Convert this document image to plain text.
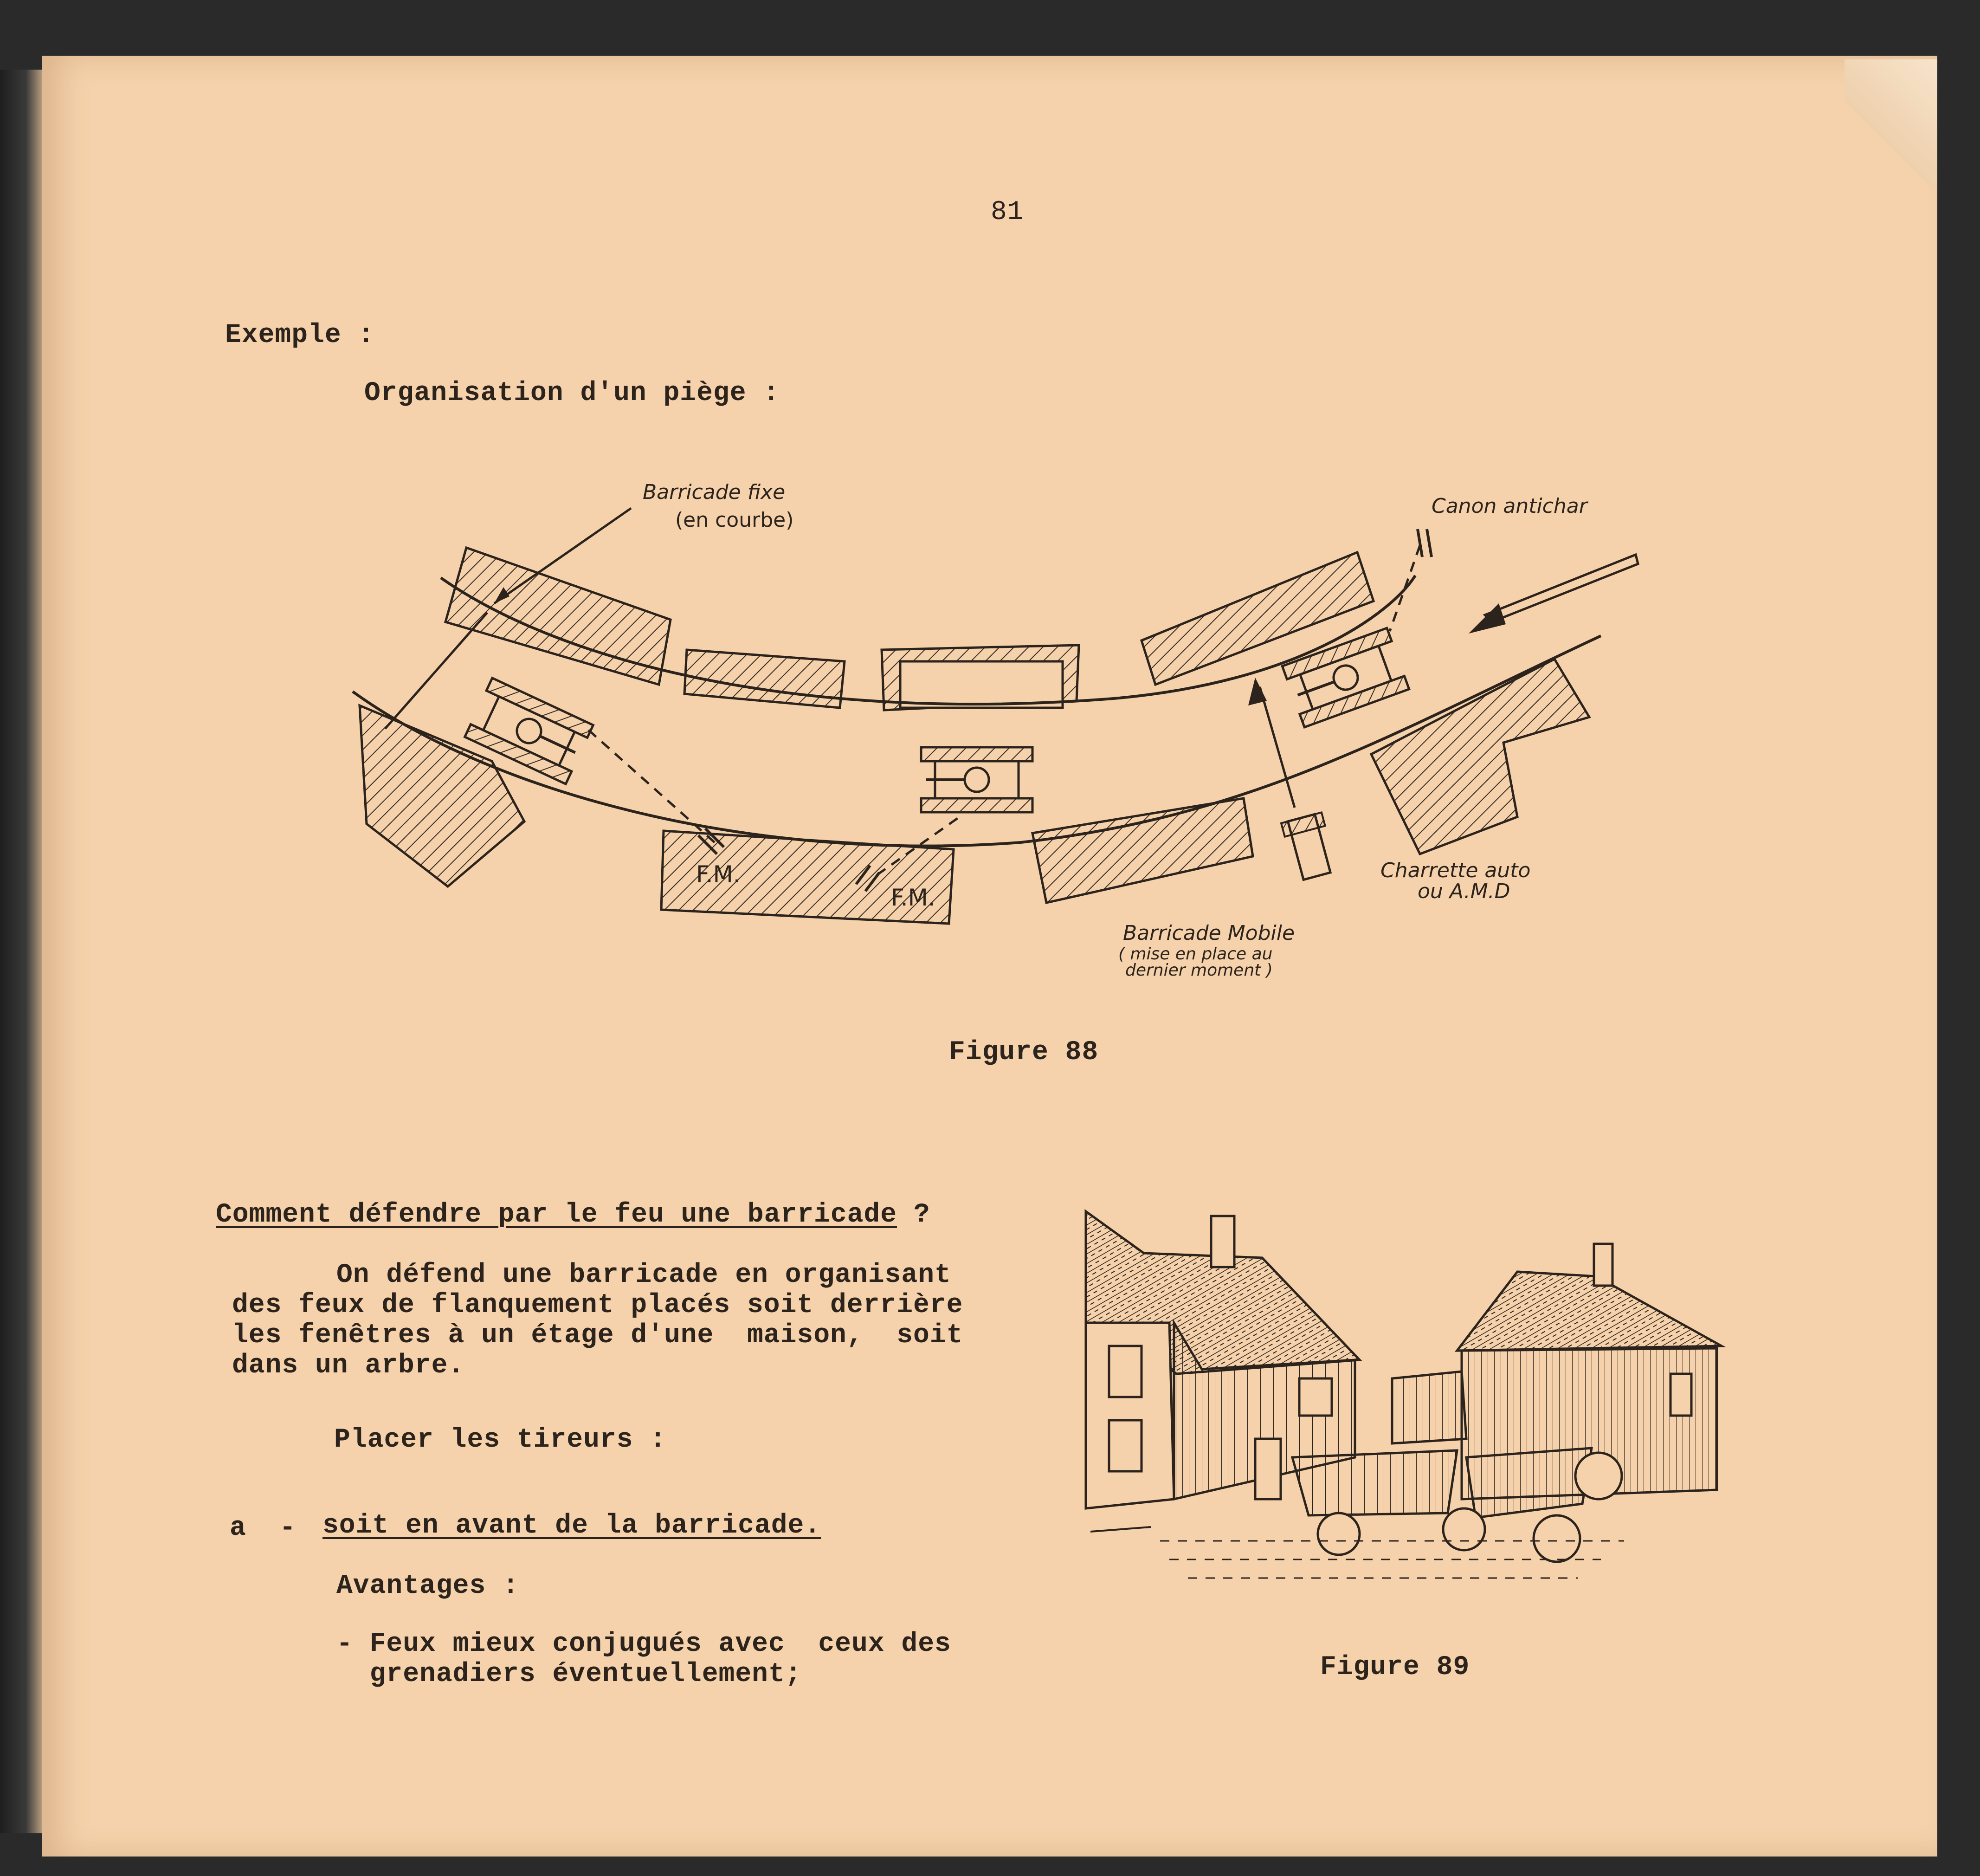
81
Exemple :
Organisation d'un piège :
Barricade fixe
(en courbe)
Canon antichar
F.M.
F.M.
Charrette auto
ou A.M.D
Barricade Mobile
( mise en place au
dernier moment )
Figure 88
Comment défendre par le feu une barricade ?
On défend une barricade en organisant
des feux de flanquement placés soit derrière
les fenêtres à un étage d'une  maison,  soit
dans un arbre.
Placer les tireurs :
a  - soit en avant de la barricade.
Avantages :
- Feux mieux conjugués avec  ceux des
grenadiers éventuellement;	Figure 89
